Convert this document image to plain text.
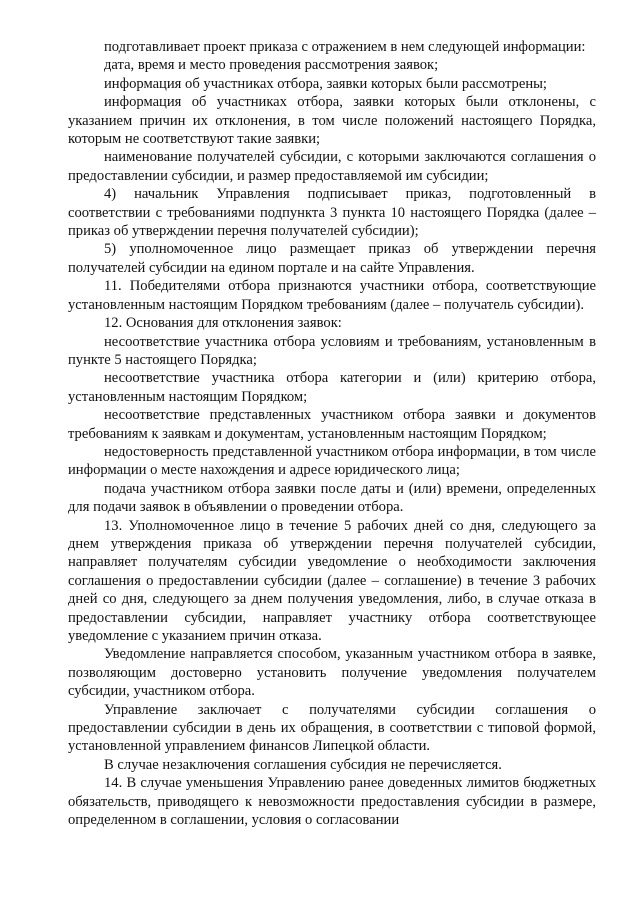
подготавливает проект приказа с отражением в нем следующей информации:

дата, время и место проведения рассмотрения заявок;

информация об участниках отбора, заявки которых были рассмотрены;

информация об участниках отбора, заявки которых были отклонены, с указанием причин их отклонения, в том числе положений настоящего Порядка, которым не соответствуют такие заявки;

наименование получателей субсидии, с которыми заключаются соглашения о предоставлении субсидии, и размер предоставляемой им субсидии;

4) начальник Управления подписывает приказ, подготовленный в соответствии с требованиями подпункта 3 пункта 10 настоящего Порядка (далее – приказ об утверждении перечня получателей субсидии);

5) уполномоченное лицо размещает приказ об утверждении перечня получателей субсидии на едином портале и на сайте Управления.

11. Победителями отбора признаются участники отбора, соответствующие установленным настоящим Порядком требованиям (далее – получатель субсидии).

12. Основания для отклонения заявок:

несоответствие участника отбора условиям и требованиям, установленным в пункте 5 настоящего Порядка;

несоответствие участника отбора категории и (или) критерию отбора, установленным настоящим Порядком;

несоответствие представленных участником отбора заявки и документов требованиям к заявкам и документам, установленным настоящим Порядком;

недостоверность представленной участником отбора информации, в том числе информации о месте нахождения и адресе юридического лица;

подача участником отбора заявки после даты и (или) времени, определенных для подачи заявок в объявлении о проведении отбора.

13. Уполномоченное лицо в течение 5 рабочих дней со дня, следующего за днем утверждения приказа об утверждении перечня получателей субсидии, направляет получателям субсидии уведомление о необходимости заключения соглашения о предоставлении субсидии (далее – соглашение) в течение 3 рабочих дней со дня, следующего за днем получения уведомления, либо, в случае отказа в предоставлении субсидии, направляет участнику отбора соответствующее уведомление с указанием причин отказа.

Уведомление направляется способом, указанным участником отбора в заявке, позволяющим достоверно установить получение уведомления получателем субсидии, участником отбора.

Управление заключает с получателями субсидии соглашения о предоставлении субсидии в день их обращения, в соответствии с типовой формой, установленной управлением финансов Липецкой области.

В случае незаключения соглашения субсидия не перечисляется.

14. В случае уменьшения Управлению ранее доведенных лимитов бюджетных обязательств, приводящего к невозможности предоставления субсидии в размере, определенном в соглашении, условия о согласовании
